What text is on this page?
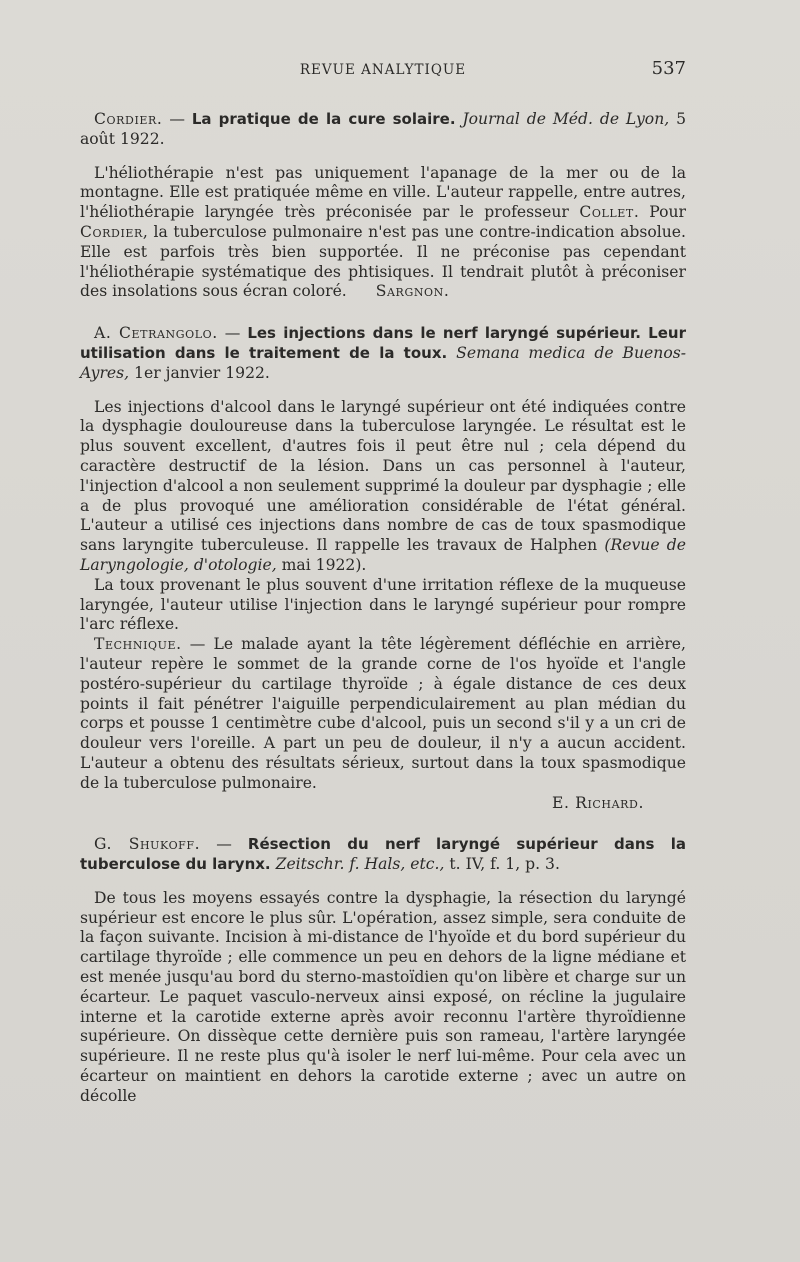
REVUE ANALYTIQUE	537

Cordier. — La pratique de la cure solaire. Journal de Méd. de Lyon, 5 août 1922.

L'héliothérapie n'est pas uniquement l'apanage de la mer ou de la montagne. Elle est pratiquée même en ville. L'auteur rappelle, entre autres, l'héliothérapie laryngée très préconisée par le professeur Collet. Pour Cordier, la tuberculose pulmonaire n'est pas une contre-indication absolue. Elle est parfois très bien supportée. Il ne préconise pas cependant l'héliothérapie systématique des phtisiques. Il tendrait plutôt à préconiser des insolations sous écran coloré. Sargnon.

A. Cetrangolo. — Les injections dans le nerf laryngé supérieur. Leur utilisation dans le traitement de la toux. Semana medica de Buenos-Ayres, 1er janvier 1922.

Les injections d'alcool dans le laryngé supérieur ont été indiquées contre la dysphagie douloureuse dans la tuberculose laryngée. Le résultat est le plus souvent excellent, d'autres fois il peut être nul ; cela dépend du caractère destructif de la lésion. Dans un cas personnel à l'auteur, l'injection d'alcool a non seulement supprimé la douleur par dysphagie ; elle a de plus provoqué une amélioration considérable de l'état général. L'auteur a utilisé ces injections dans nombre de cas de toux spasmodique sans laryngite tuberculeuse. Il rappelle les travaux de Halphen (Revue de Laryngologie, d'otologie, mai 1922).

La toux provenant le plus souvent d'une irritation réflexe de la muqueuse laryngée, l'auteur utilise l'injection dans le laryngé supérieur pour rompre l'arc réflexe.

Technique. — Le malade ayant la tête légèrement défléchie en arrière, l'auteur repère le sommet de la grande corne de l'os hyoïde et l'angle postéro-supérieur du cartilage thyroïde ; à égale distance de ces deux points il fait pénétrer l'aiguille perpendiculairement au plan médian du corps et pousse 1 centimètre cube d'alcool, puis un second s'il y a un cri de douleur vers l'oreille. A part un peu de douleur, il n'y a aucun accident. L'auteur a obtenu des résultats sérieux, surtout dans la toux spasmodique de la tuberculose pulmonaire.

E. Richard.

G. Shukoff. — Résection du nerf laryngé supérieur dans la tuberculose du larynx. Zeitschr. f. Hals, etc., t. IV, f. 1, p. 3.

De tous les moyens essayés contre la dysphagie, la résection du laryngé supérieur est encore le plus sûr. L'opération, assez simple, sera conduite de la façon suivante. Incision à mi-distance de l'hyoïde et du bord supérieur du cartilage thyroïde ; elle commence un peu en dehors de la ligne médiane et est menée jusqu'au bord du sterno-mastoïdien qu'on libère et charge sur un écarteur. Le paquet vasculo-nerveux ainsi exposé, on récline la jugulaire interne et la carotide externe après avoir reconnu l'artère thyroïdienne supérieure. On dissèque cette dernière puis son rameau, l'artère laryngée supérieure. Il ne reste plus qu'à isoler le nerf lui-même. Pour cela avec un écarteur on maintient en dehors la carotide externe ; avec un autre on décolle
